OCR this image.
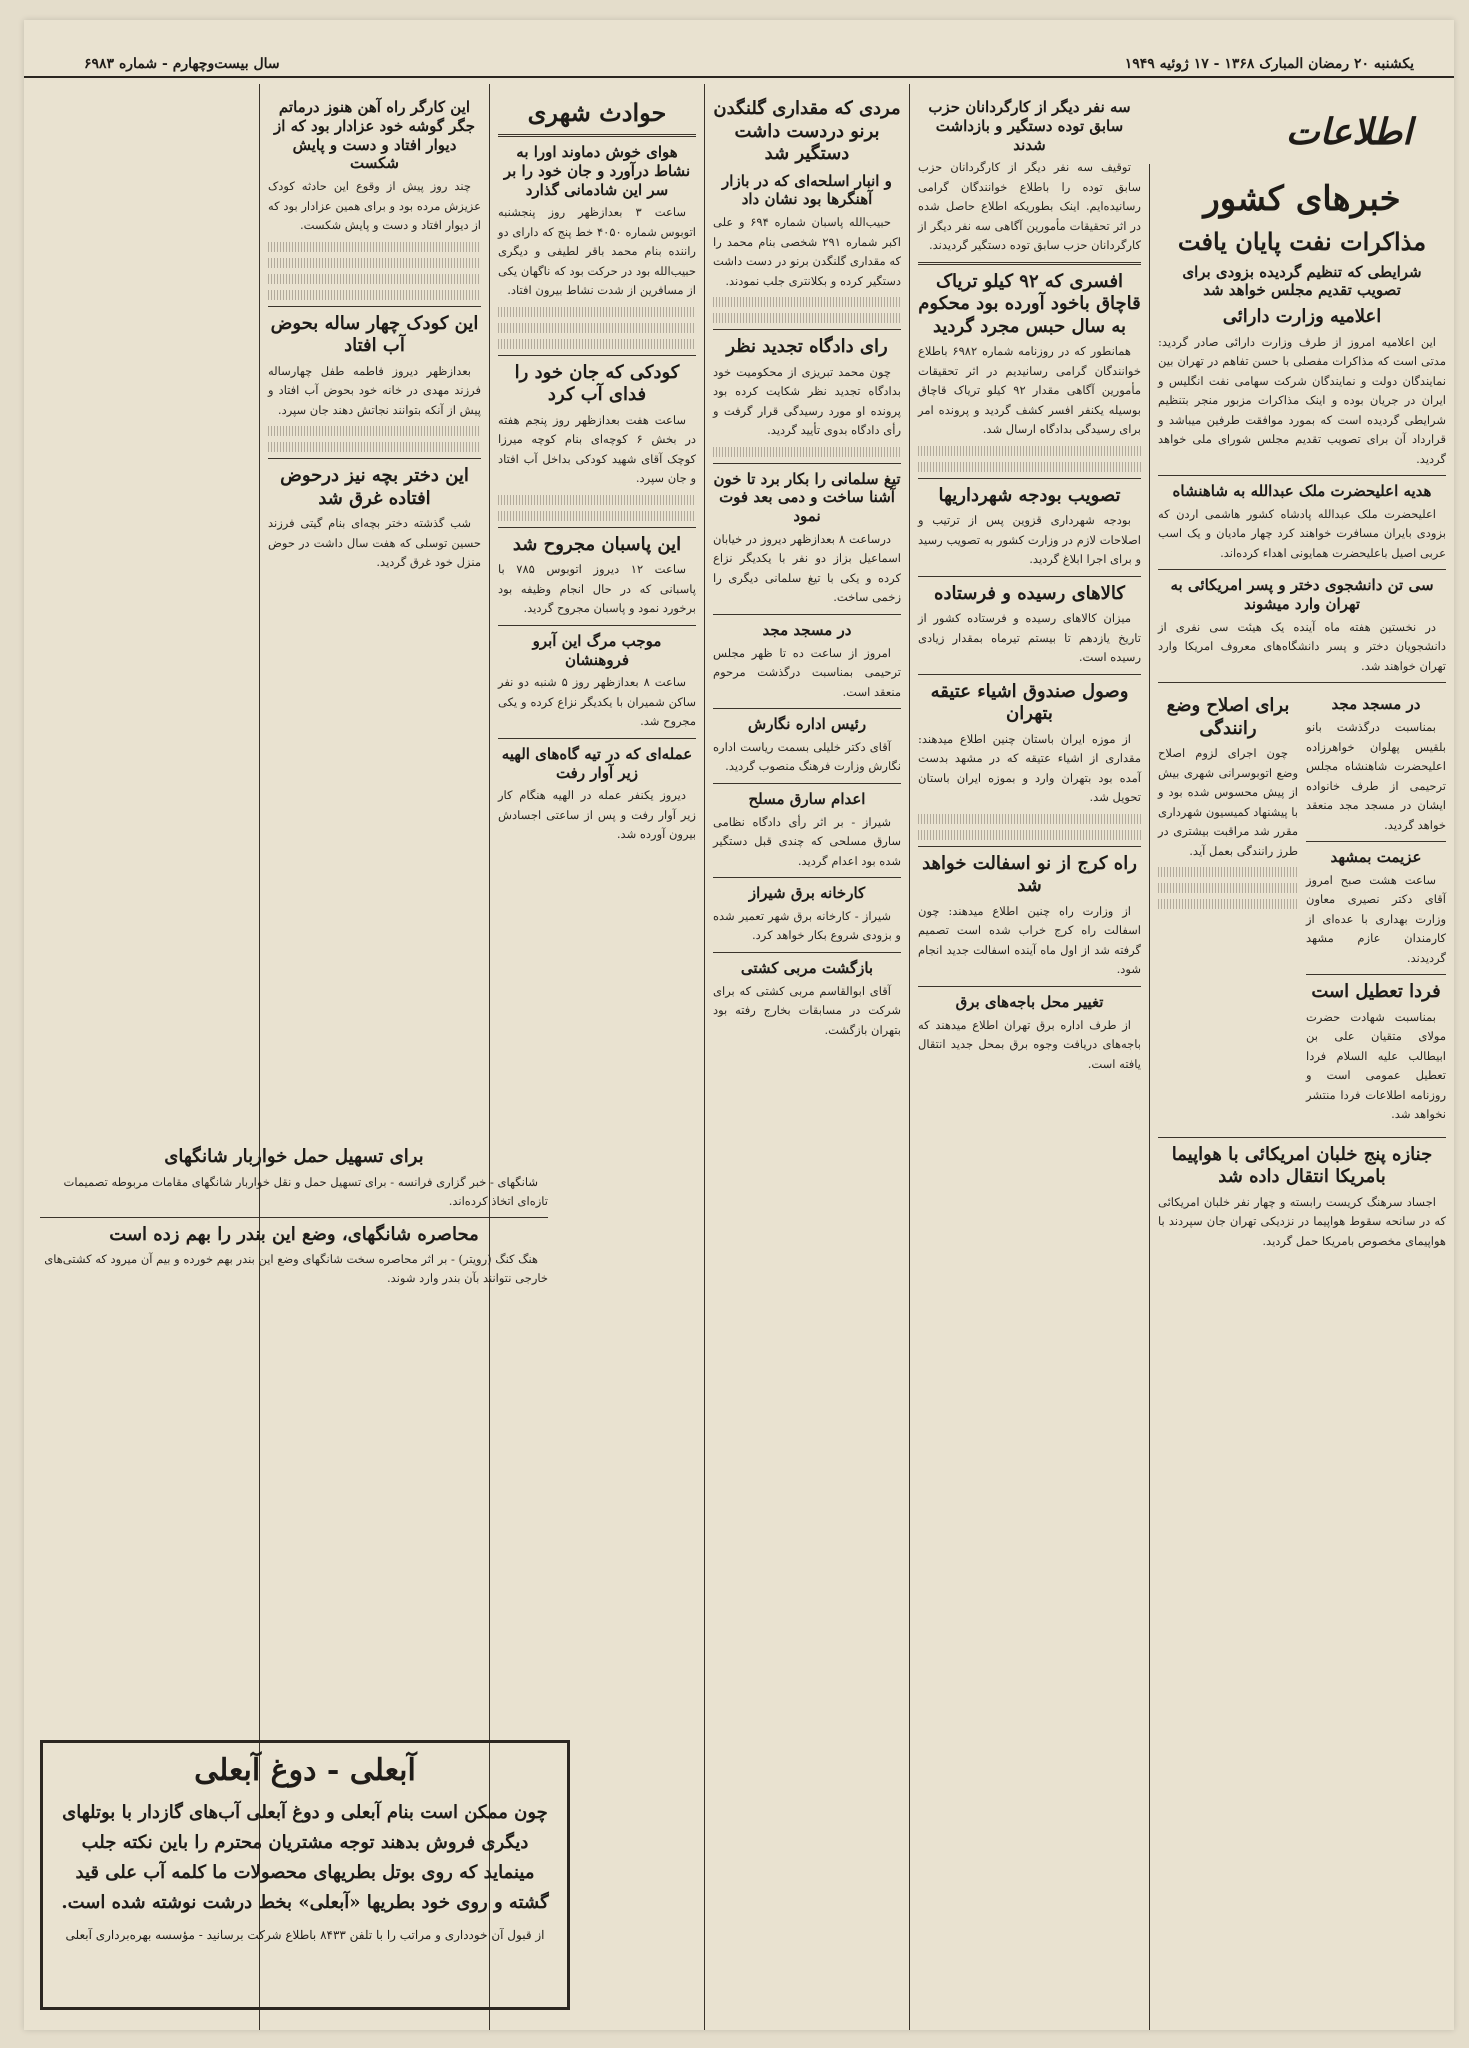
یکشنبه ۲۰ رمضان المبارک ۱۳۶۸ - ۱۷ ژوئیه ۱۹۴۹
سال بیست‌وچهارم - شماره ۶۹۸۳
اطلاعات
خبرهای کشور
مذاکرات نفت پایان یافت
شرایطی که تنظیم گردیده بزودی برای تصویب تقدیم مجلس خواهد شد
اعلامیه وزارت دارائی

این اعلامیه امروز از طرف وزارت دارائی صادر گردید: مدتی است که مذاکرات مفصلی با حسن تفاهم در تهران بین نمایندگان دولت و نمایندگان شرکت سهامی نفت انگلیس و ایران در جریان بوده و اینک مذاکرات مزبور منجر بتنظیم شرایطی گردیده است که بمورد موافقت طرفین میباشد و قرارداد آن برای تصویب تقدیم مجلس شورای ملی خواهد گردید.

هدیه اعلیحضرت ملک عبدالله به شاهنشاه

اعلیحضرت ملک عبدالله پادشاه کشور هاشمی اردن که بزودی بایران مسافرت خواهند کرد چهار مادیان و یک اسب عربی اصیل باعلیحضرت همایونی اهداء کرده‌اند.

سی تن دانشجوی دختر و پسر امریکائی به تهران وارد میشوند

در نخستین هفته ماه آینده یک هیئت سی نفری از دانشجویان دختر و پسر دانشگاه‌های معروف امریکا وارد تهران خواهند شد.

در مسجد مجد

بمناسبت درگذشت بانو بلقیس پهلوان خواهرزاده اعلیحضرت شاهنشاه مجلس ترحیمی از طرف خانواده ایشان در مسجد مجد منعقد خواهد گردید.

عزیمت بمشهد

ساعت هشت صبح امروز آقای دکتر نصیری معاون وزارت بهداری با عده‌ای از کارمندان عازم مشهد گردیدند.

فردا تعطیل است

بمناسبت شهادت حضرت مولای متقیان علی بن ابیطالب علیه السلام فردا تعطیل عمومی است و روزنامه اطلاعات فردا منتشر نخواهد شد.

برای اصلاح وضع رانندگی

چون اجرای لزوم اصلاح وضع اتوبوسرانی شهری بیش از پیش محسوس شده بود و با پیشنهاد کمیسیون شهرداری مقرر شد مراقبت بیشتری در طرز رانندگی بعمل آید.

جنازه پنج خلبان امریکائی با هواپیما بامریکا انتقال داده شد

اجساد سرهنگ کریست رابسته و چهار نفر خلبان امریکائی که در سانحه سقوط هواپیما در نزدیکی تهران جان سپردند با هواپیمای مخصوص بامریکا حمل گردید.

سه نفر دیگر از کارگردانان حزب سابق توده دستگیر و بازداشت شدند

توقیف سه نفر دیگر از کارگردانان حزب سابق توده را باطلاع خوانندگان گرامی رسانیده‌ایم. اینک بطوریکه اطلاع حاصل شده در اثر تحقیقات مأمورین آگاهی سه نفر دیگر از کارگردانان حزب سابق توده دستگیر گردیدند.

افسری که ۹۲ کیلو تریاک قاچاق باخود آورده بود محکوم به سال حبس مجرد گردید

همانطور که در روزنامه شماره ۶۹۸۲ باطلاع خوانندگان گرامی رسانیدیم در اثر تحقیقات مأمورین آگاهی مقدار ۹۲ کیلو تریاک قاچاق بوسیله یکنفر افسر کشف گردید و پرونده امر برای رسیدگی بدادگاه ارسال شد.

تصویب بودجه شهرداریها

بودجه شهرداری قزوین پس از ترتیب و اصلاحات لازم در وزارت کشور به تصویب رسید و برای اجرا ابلاغ گردید.

کالاهای رسیده و فرستاده

میزان کالاهای رسیده و فرستاده کشور از تاریخ یازدهم تا بیستم تیرماه بمقدار زیادی رسیده است.

وصول صندوق اشیاء عتیقه بتهران

از موزه ایران باستان چنین اطلاع میدهند: مقداری از اشیاء عتیقه که در مشهد بدست آمده بود بتهران وارد و بموزه ایران باستان تحویل شد.

راه کرج از نو اسفالت خواهد شد

از وزارت راه چنین اطلاع میدهند: چون اسفالت راه کرج خراب شده است تصمیم گرفته شد از اول ماه آینده اسفالت جدید انجام شود.

تغییر محل باجه‌های برق

از طرف اداره برق تهران اطلاع میدهند که باجه‌های دریافت وجوه برق بمحل جدید انتقال یافته است.

مردی که مقداری گلنگدن برنو دردست داشت دستگیر شد
و انبار اسلحه‌ای که در بازار آهنگرها بود نشان داد

حبیب‌الله پاسبان شماره ۶۹۴ و علی اکبر شماره ۲۹۱ شخصی بنام محمد را که مقداری گلنگدن برنو در دست داشت دستگیر کرده و بکلانتری جلب نمودند.

رای دادگاه تجدید نظر

چون محمد تبریزی از محکومیت خود بدادگاه تجدید نظر شکایت کرده بود پرونده او مورد رسیدگی قرار گرفت و رأی دادگاه بدوی تأیید گردید.

تیغ سلمانی را بکار برد تا خون آشنا ساخت و دمی بعد فوت نمود

درساعت ۸ بعدازظهر دیروز در خیابان اسماعیل بزاز دو نفر با یکدیگر نزاع کرده و یکی با تیغ سلمانی دیگری را زخمی ساخت.

در مسجد مجد

امروز از ساعت ده تا ظهر مجلس ترحیمی بمناسبت درگذشت مرحوم منعقد است.

رئیس اداره نگارش

آقای دکتر خلیلی بسمت ریاست اداره نگارش وزارت فرهنگ منصوب گردید.

اعدام سارق مسلح

شیراز - بر اثر رأی دادگاه نظامی سارق مسلحی که چندی قبل دستگیر شده بود اعدام گردید.

کارخانه برق شیراز

شیراز - کارخانه برق شهر تعمیر شده و بزودی شروع بکار خواهد کرد.

بازگشت مربی کشتی

آقای ابوالقاسم مربی کشتی که برای شرکت در مسابقات بخارج رفته بود بتهران بازگشت.

حوادث شهری
هوای خوش دماوند اورا به نشاط درآورد و جان خود را بر سر این شادمانی گذارد

ساعت ۳ بعدازظهر روز پنجشنبه اتوبوس شماره ۴۰۵۰ خط پنج که دارای دو راننده بنام محمد باقر لطیفی و دیگری حبیب‌الله بود در حرکت بود که ناگهان یکی از مسافرین از شدت نشاط بیرون افتاد.

کودکی که جان خود را فدای آب کرد

ساعت هفت بعدازظهر روز پنجم هفته در بخش ۶ کوچه‌ای بنام کوچه میرزا کوچک آقای شهید کودکی بداخل آب افتاد و جان سپرد.

این پاسبان مجروح شد

ساعت ۱۲ دیروز اتوبوس ۷۸۵ با پاسبانی که در حال انجام وظیفه بود برخورد نمود و پاسبان مجروح گردید.

موجب مرگ این آبرو فروهنشان

ساعت ۸ بعدازظهر روز ۵ شنبه دو نفر ساکن شمیران با یکدیگر نزاع کرده و یکی مجروح شد.

عمله‌ای که در تیه گاه‌های الهیه زیر آوار رفت

دیروز یکنفر عمله در الهیه هنگام کار زیر آوار رفت و پس از ساعتی اجسادش بیرون آورده شد.

این کارگر راه آهن هنوز درماتم جگر گوشه خود عزادار بود که از دیوار افتاد و دست و پایش شکست

چند روز پیش از وقوع این حادثه کودک عزیزش مرده بود و برای همین عزادار بود که از دیوار افتاد و دست و پایش شکست.

این کودک چهار ساله بحوض آب افتاد

بعدازظهر دیروز فاطمه طفل چهارساله فرزند مهدی در خانه خود بحوض آب افتاد و پیش از آنکه بتوانند نجاتش دهند جان سپرد.

این دختر بچه نیز درحوض افتاده غرق شد

شب گذشته دختر بچه‌ای بنام گیتی فرزند حسین توسلی که هفت سال داشت در حوض منزل خود غرق گردید.

برای تسهیل حمل خواربار شانگهای

شانگهای - خبر گزاری فرانسه - برای تسهیل حمل و نقل خواربار شانگهای مقامات مربوطه تصمیمات تازه‌ای اتخاذ کرده‌اند.

محاصره شانگهای، وضع این بندر را بهم زده است

هنگ کنگ (رویتر) - بر اثر محاصره سخت شانگهای وضع این بندر بهم خورده و بیم آن میرود که کشتی‌های خارجی نتوانند بآن بندر وارد شوند.

آبعلی - دوغ آبعلی
چون ممکن است بنام آبعلی و دوغ آبعلی آب‌های گازدار با بوتلهای دیگری فروش بدهند توجه مشتریان محترم را باین نکته جلب مینماید که روی بوتل بطریهای محصولات ما کلمه آب علی قید گشته و روی خود بطریها «آبعلی» بخط درشت نوشته شده است.
از قبول آن خودداری و مراتب را با تلفن ۸۴۳۳ باطلاع شرکت برسانید - مؤسسه بهره‌برداری آبعلی
